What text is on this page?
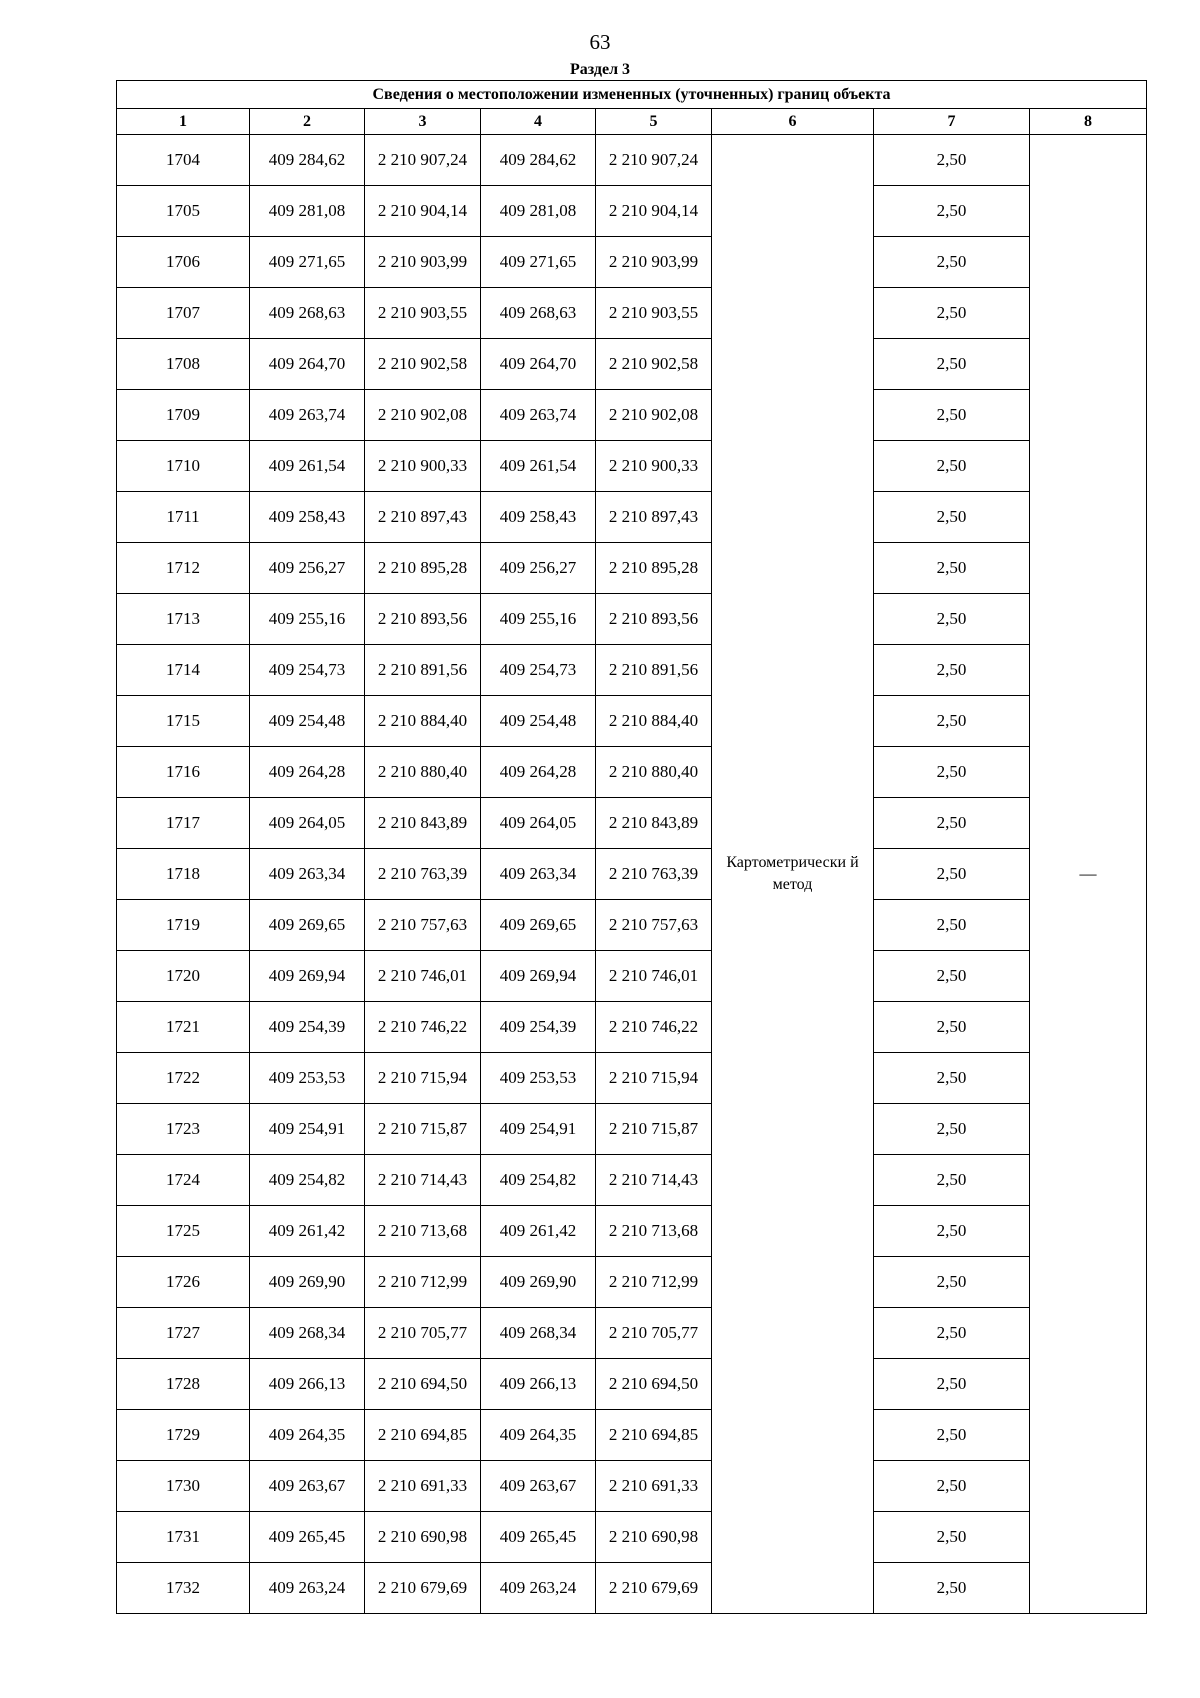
63
Раздел 3
Сведения о местоположении измененных (уточненных) границ объекта							
1	2	3	4	5	6	7	8
1704	409 284,62	2 210 907,24	409 284,62	2 210 907,24	Картометрически й метод	2,50	—
1705	409 281,08	2 210 904,14	409 281,08	2 210 904,14		2,50	
1706	409 271,65	2 210 903,99	409 271,65	2 210 903,99		2,50	
1707	409 268,63	2 210 903,55	409 268,63	2 210 903,55		2,50	
1708	409 264,70	2 210 902,58	409 264,70	2 210 902,58		2,50	
1709	409 263,74	2 210 902,08	409 263,74	2 210 902,08		2,50	
1710	409 261,54	2 210 900,33	409 261,54	2 210 900,33		2,50	
1711	409 258,43	2 210 897,43	409 258,43	2 210 897,43		2,50	
1712	409 256,27	2 210 895,28	409 256,27	2 210 895,28		2,50	
1713	409 255,16	2 210 893,56	409 255,16	2 210 893,56		2,50	
1714	409 254,73	2 210 891,56	409 254,73	2 210 891,56		2,50	
1715	409 254,48	2 210 884,40	409 254,48	2 210 884,40		2,50	
1716	409 264,28	2 210 880,40	409 264,28	2 210 880,40		2,50	
1717	409 264,05	2 210 843,89	409 264,05	2 210 843,89		2,50	
1718	409 263,34	2 210 763,39	409 263,34	2 210 763,39		2,50	
1719	409 269,65	2 210 757,63	409 269,65	2 210 757,63		2,50	
1720	409 269,94	2 210 746,01	409 269,94	2 210 746,01		2,50	
1721	409 254,39	2 210 746,22	409 254,39	2 210 746,22		2,50	
1722	409 253,53	2 210 715,94	409 253,53	2 210 715,94		2,50	
1723	409 254,91	2 210 715,87	409 254,91	2 210 715,87		2,50	
1724	409 254,82	2 210 714,43	409 254,82	2 210 714,43		2,50	
1725	409 261,42	2 210 713,68	409 261,42	2 210 713,68		2,50	
1726	409 269,90	2 210 712,99	409 269,90	2 210 712,99		2,50	
1727	409 268,34	2 210 705,77	409 268,34	2 210 705,77		2,50	
1728	409 266,13	2 210 694,50	409 266,13	2 210 694,50		2,50	
1729	409 264,35	2 210 694,85	409 264,35	2 210 694,85		2,50	
1730	409 263,67	2 210 691,33	409 263,67	2 210 691,33		2,50	
1731	409 265,45	2 210 690,98	409 265,45	2 210 690,98		2,50	
1732	409 263,24	2 210 679,69	409 263,24	2 210 679,69		2,50	
